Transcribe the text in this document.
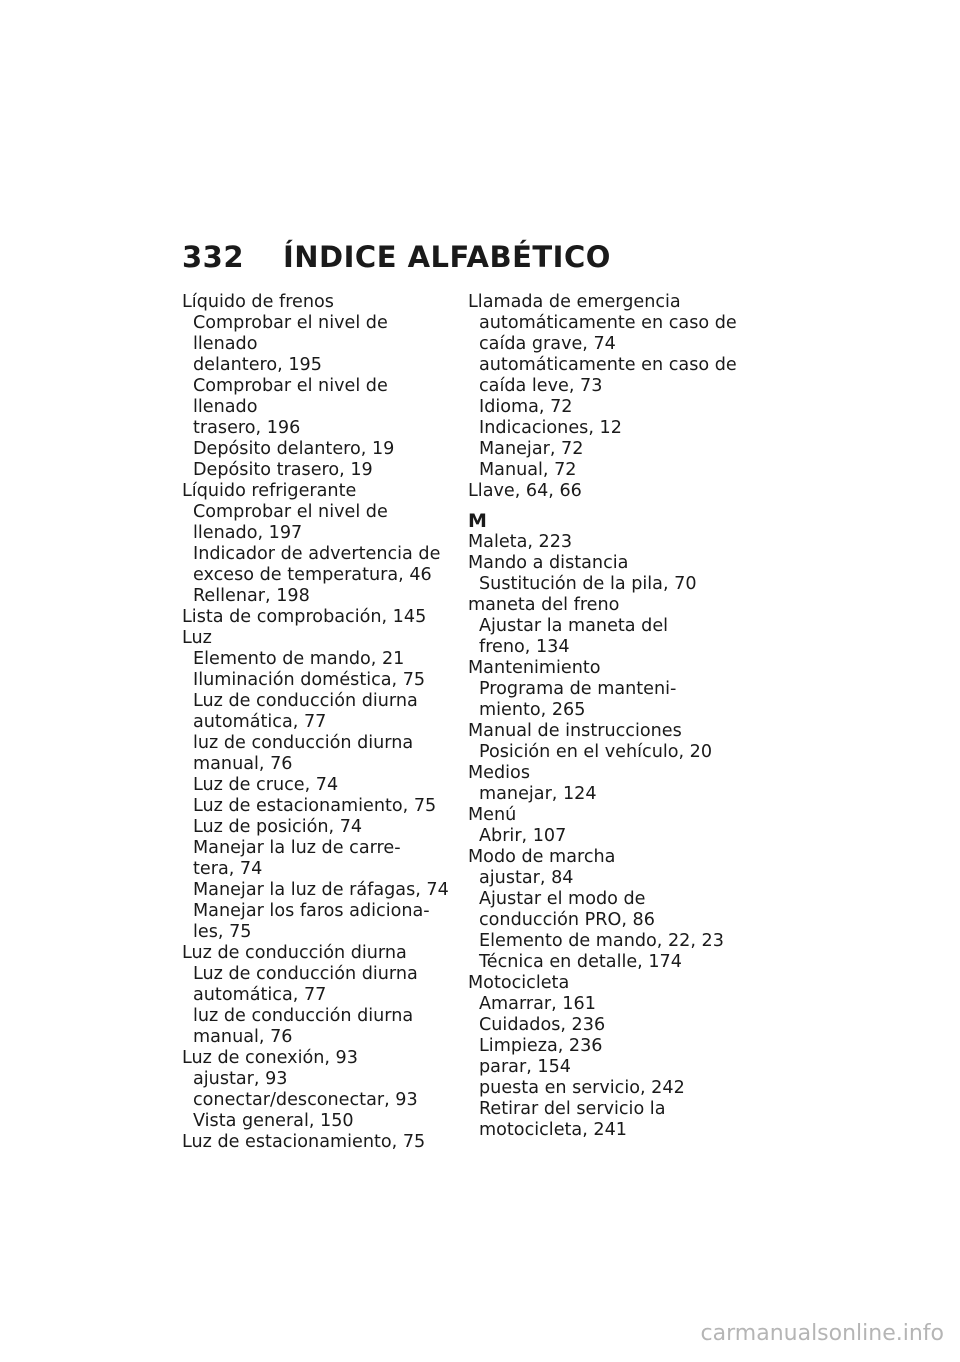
332 ÍNDICE ALFABÉTICO
Líquido de frenos
Comprobar el nivel de llenado
delantero, 195
Comprobar el nivel de llenado
trasero, 196
Depósito delantero, 19
Depósito trasero, 19
Líquido refrigerante
Comprobar el nivel de
llenado, 197
Indicador de advertencia de
exceso de temperatura, 46
Rellenar, 198
Lista de comprobación, 145
Luz
Elemento de mando, 21
Iluminación doméstica, 75
Luz de conducción diurna
automática, 77
luz de conducción diurna
manual, 76
Luz de cruce, 74
Luz de estacionamiento, 75
Luz de posición, 74
Manejar la luz de carre-
tera, 74
Manejar la luz de ráfagas, 74
Manejar los faros adiciona-
les, 75
Luz de conducción diurna
Luz de conducción diurna
automática, 77
luz de conducción diurna
manual, 76
Luz de conexión, 93
ajustar, 93
conectar/desconectar, 93
Vista general, 150
Luz de estacionamiento, 75
Llamada de emergencia
automáticamente en caso de
caída grave, 74
automáticamente en caso de
caída leve, 73
Idioma, 72
Indicaciones, 12
Manejar, 72
Manual, 72
Llave, 64, 66
M
Maleta, 223
Mando a distancia
Sustitución de la pila, 70
maneta del freno
Ajustar la maneta del
freno, 134
Mantenimiento
Programa de manteni-
miento, 265
Manual de instrucciones
Posición en el vehículo, 20
Medios
manejar, 124
Menú
Abrir, 107
Modo de marcha
ajustar, 84
Ajustar el modo de
conducción PRO, 86
Elemento de mando, 22, 23
Técnica en detalle, 174
Motocicleta
Amarrar, 161
Cuidados, 236
Limpieza, 236
parar, 154
puesta en servicio, 242
Retirar del servicio la
motocicleta, 241
carmanualsonline.info
